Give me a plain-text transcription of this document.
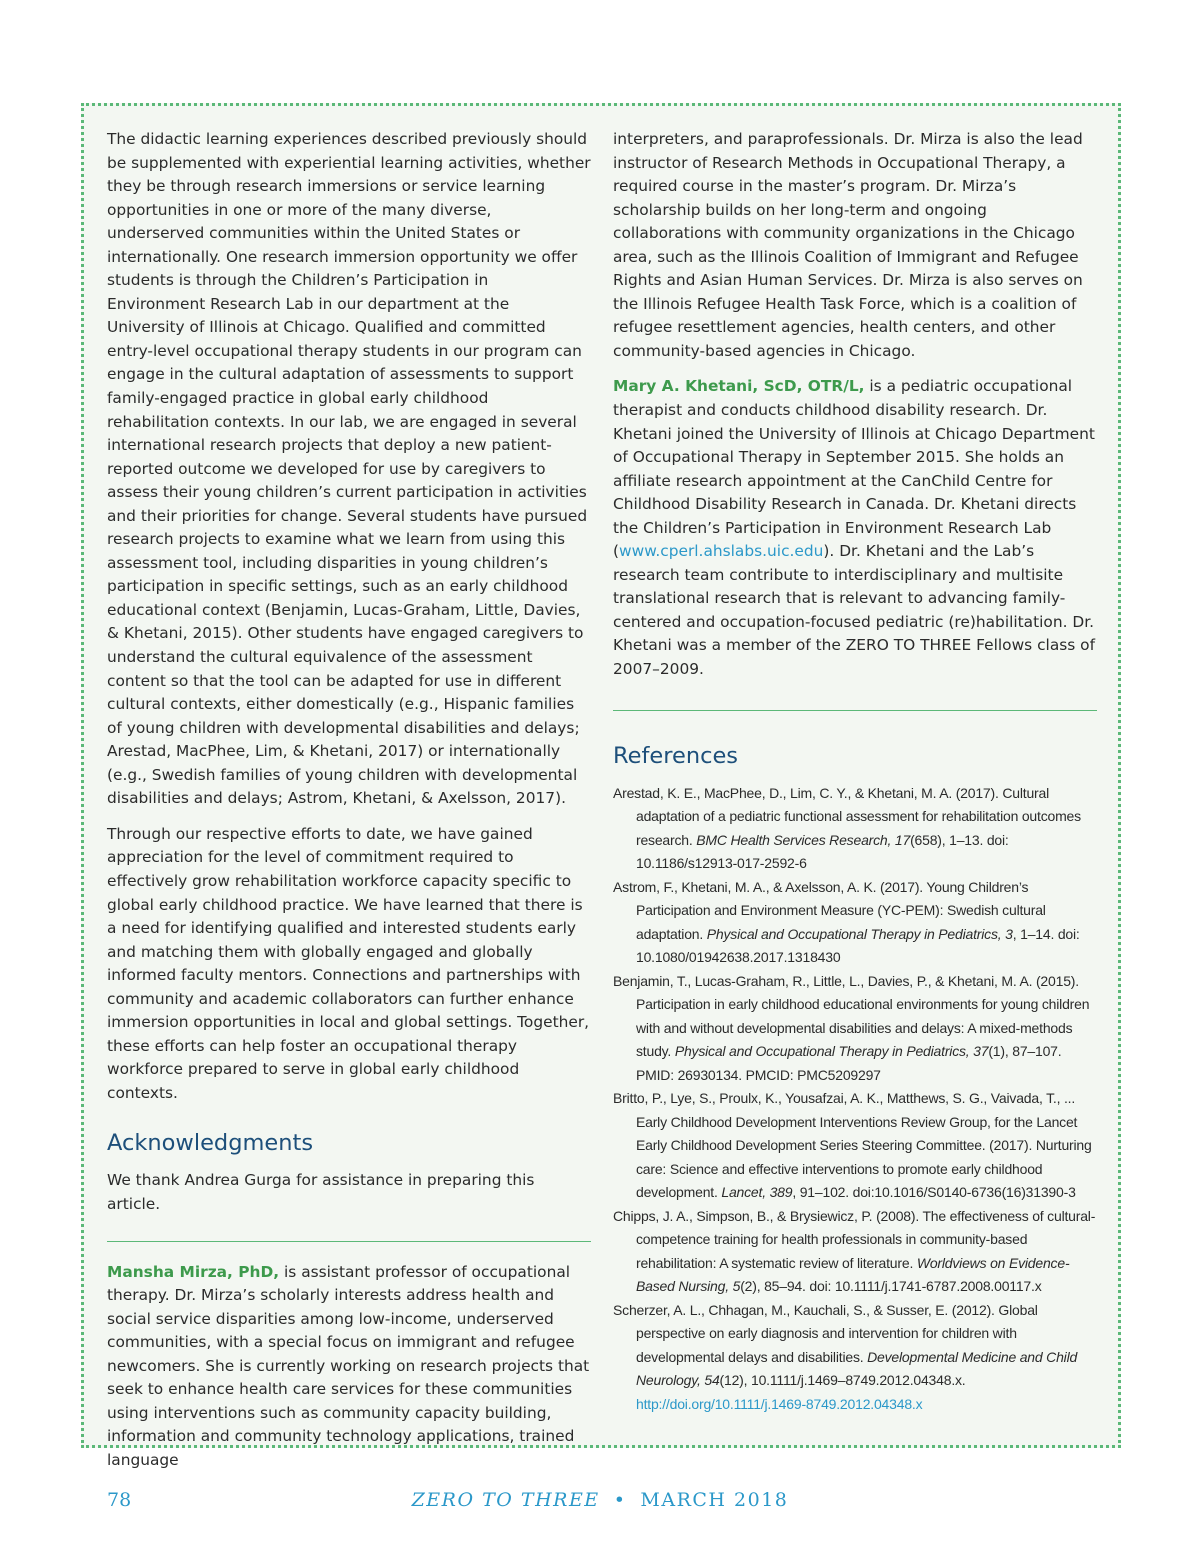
The didactic learning experiences described previously should be supplemented with experiential learning activities, whether they be through research immersions or service learning opportunities in one or more of the many diverse, underserved communities within the United States or internationally. One research immersion opportunity we offer students is through the Children’s Participation in Environment Research Lab in our department at the University of Illinois at Chicago. Qualified and committed entry-level occupational therapy students in our program can engage in the cultural adaptation of assessments to support family-engaged practice in global early childhood rehabilitation contexts. In our lab, we are engaged in several international research projects that deploy a new patient-reported outcome we developed for use by caregivers to assess their young children’s current participation in activities and their priorities for change. Several students have pursued research projects to examine what we learn from using this assessment tool, including disparities in young children’s participation in specific settings, such as an early childhood educational context (Benjamin, Lucas-Graham, Little, Davies, & Khetani, 2015). Other students have engaged caregivers to understand the cultural equivalence of the assessment content so that the tool can be adapted for use in different cultural contexts, either domestically (e.g., Hispanic families of young children with developmental disabilities and delays; Arestad, MacPhee, Lim, & Khetani, 2017) or internationally (e.g., Swedish families of young children with developmental disabilities and delays; Astrom, Khetani, & Axelsson, 2017).

Through our respective efforts to date, we have gained appreciation for the level of commitment required to effectively grow rehabilitation workforce capacity specific to global early childhood practice. We have learned that there is a need for identifying qualified and interested students early and matching them with globally engaged and globally informed faculty mentors. Connections and partnerships with community and academic collaborators can further enhance immersion opportunities in local and global settings. Together, these efforts can help foster an occupational therapy workforce prepared to serve in global early childhood contexts.

Acknowledgments

We thank Andrea Gurga for assistance in preparing this article.

Mansha Mirza, PhD, is assistant professor of occupational therapy. Dr. Mirza’s scholarly interests address health and social service disparities among low-income, underserved communities, with a special focus on immigrant and refugee newcomers. She is currently working on research projects that seek to enhance health care services for these communities using interventions such as community capacity building, information and community technology applications, trained language

interpreters, and paraprofessionals. Dr. Mirza is also the lead instructor of Research Methods in Occupational Therapy, a required course in the master’s program. Dr. Mirza’s scholarship builds on her long-term and ongoing collaborations with community organizations in the Chicago area, such as the Illinois Coalition of Immigrant and Refugee Rights and Asian Human Services. Dr. Mirza is also serves on the Illinois Refugee Health Task Force, which is a coalition of refugee resettlement agencies, health centers, and other community-based agencies in Chicago.

Mary A. Khetani, ScD, OTR/L, is a pediatric occupational therapist and conducts childhood disability research. Dr. Khetani joined the University of Illinois at Chicago Department of Occupational Therapy in September 2015. She holds an affiliate research appointment at the CanChild Centre for Childhood Disability Research in Canada. Dr. Khetani directs the Children’s Participation in Environment Research Lab (www.cperl.ahslabs.uic.edu). Dr. Khetani and the Lab’s research team contribute to interdisciplinary and multisite translational research that is relevant to advancing family-centered and occupation-focused pediatric (re)habilitation. Dr. Khetani was a member of the ZERO TO THREE Fellows class of 2007–2009.

References

Arestad, K. E., MacPhee, D., Lim, C. Y., & Khetani, M. A. (2017). Cultural adaptation of a pediatric functional assessment for rehabilitation outcomes research. BMC Health Services Research, 17(658), 1–13. doi: 10.1186/s12913-017-2592-6

Astrom, F., Khetani, M. A., & Axelsson, A. K. (2017). Young Children’s Participation and Environment Measure (YC-PEM): Swedish cultural adaptation. Physical and Occupational Therapy in Pediatrics, 3, 1–14. doi: 10.1080/01942638.2017.1318430

Benjamin, T., Lucas-Graham, R., Little, L., Davies, P., & Khetani, M. A. (2015). Participation in early childhood educational environments for young children with and without developmental disabilities and delays: A mixed-methods study. Physical and Occupational Therapy in Pediatrics, 37(1), 87–107. PMID: 26930134. PMCID: PMC5209297

Britto, P., Lye, S., Proulx, K., Yousafzai, A. K., Matthews, S. G., Vaivada, T., ... Early Childhood Development Interventions Review Group, for the Lancet Early Childhood Development Series Steering Committee. (2017). Nurturing care: Science and effective interventions to promote early childhood development. Lancet, 389, 91–102. doi:10.1016/S0140-6736(16)31390-3

Chipps, J. A., Simpson, B., & Brysiewicz, P. (2008). The effectiveness of cultural-competence training for health professionals in community-based rehabilitation: A systematic review of literature. Worldviews on Evidence-Based Nursing, 5(2), 85–94. doi: 10.1111/j.1741-6787.2008.00117.x

Scherzer, A. L., Chhagan, M., Kauchali, S., & Susser, E. (2012). Global perspective on early diagnosis and intervention for children with developmental delays and disabilities. Developmental Medicine and Child Neurology, 54(12), 10.1111/j.1469–8749.2012.04348.x. http://doi.org/10.1111/j.1469-8749.2012.04348.x

78	ZERO TO THREE • MARCH 2018
